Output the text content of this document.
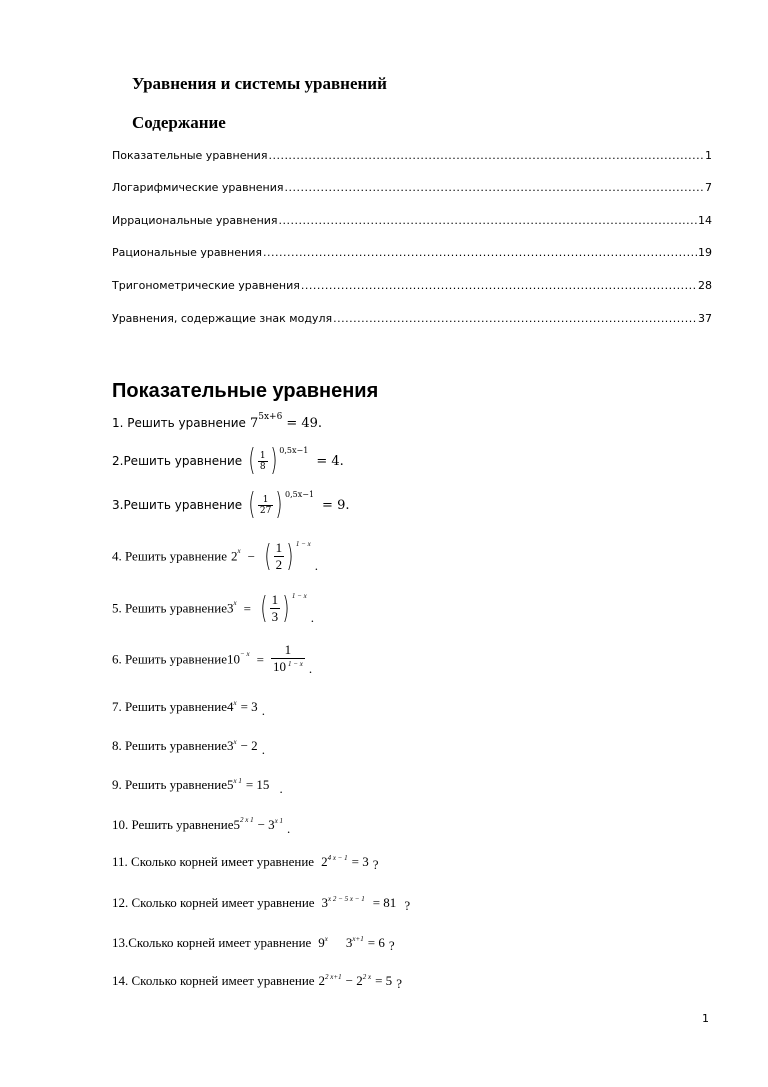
Уравнения и системы уравнений
Содержание
Показательные уравнения .....	1
Логарифмические уравнения .....	7
Иррациональные уравнения .....	14
Рациональные уравнения .....	19
Тригонометрические уравнения .....	28
Уравнения, содержащие знак модуля .....	37
Показательные уравнения
1. Решить уравнение $7^{5x+6} = 49$.
2.Решить уравнение ( $\frac{1}{8}$ ) $^{0,5x-1}$ = 4.
3.Решить уравнение ( $\frac{1}{27}$ ) $^{0,5x-1}$ = 9.
4. Решить уравнение $2^x$ − ( $\frac{1}{2}$ ) $^{1 - x}$ $_.$
5. Решить $уравнение3^x$ = ( $\frac{1}{3}$ ) $^{1 - x}$ $_.$
6. Решить $уравнение10^{- x} = \frac{1}{10 ^{1 - x}} _.$
7. Решить $уравнение4^x = 3$ $_.$
8. Решить $уравнение3^x - 2$ $_.$
9. Решить $уравнение5^{x 1} = 15$ $_.$
10. Решить $уравнение5^{2 x 1} - 3^{x 1}$ $_.$
11. Сколько корней имеет уравнение $2^{4 x - 1} = 3$ ?
12. Сколько корней имеет уравнение $3^{x 2 - 5 x - 1} = 81$ ?
13.Сколько корней имеет уравнение 9$^x$ $3^{x+1} = 6$ ?
14. Сколько корней имеет уравнение $2^{2 x+1} - 2^{2 x} = 5$ ?
1
